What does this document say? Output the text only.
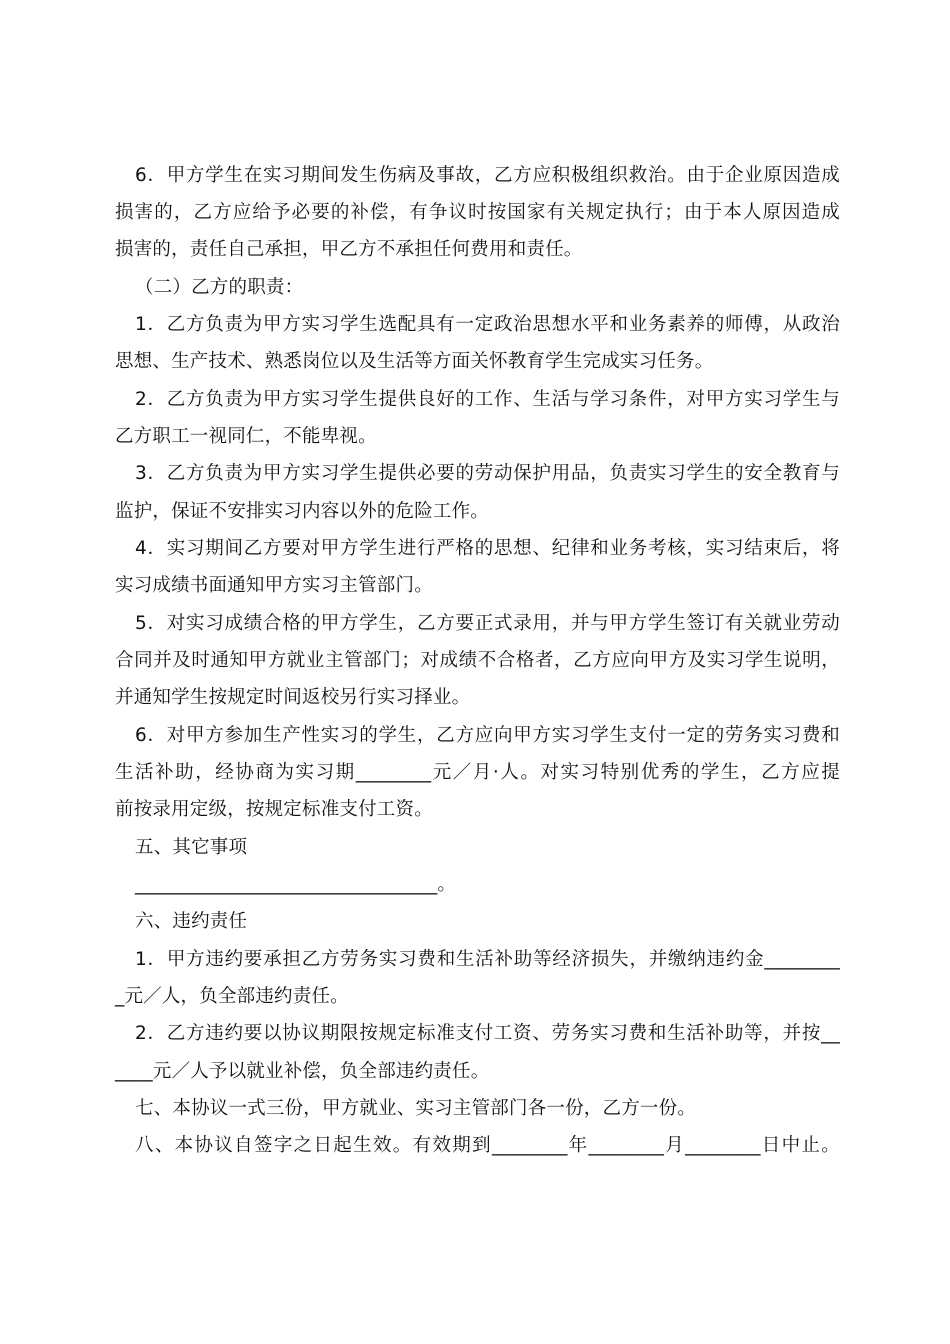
6．甲方学生在实习期间发生伤病及事故，乙方应积极组织救治。由于企业原因造成
损害的，乙方应给予必要的补偿，有争议时按国家有关规定执行；由于本人原因造成
损害的，责任自己承担，甲乙方不承担任何费用和责任。
（二）乙方的职责：
1．乙方负责为甲方实习学生选配具有一定政治思想水平和业务素养的师傅，从政治
思想、生产技术、熟悉岗位以及生活等方面关怀教育学生完成实习任务。
2．乙方负责为甲方实习学生提供良好的工作、生活与学习条件，对甲方实习学生与
乙方职工一视同仁，不能卑视。
3．乙方负责为甲方实习学生提供必要的劳动保护用品，负责实习学生的安全教育与
监护，保证不安排实习内容以外的危险工作。
4．实习期间乙方要对甲方学生进行严格的思想、纪律和业务考核，实习结束后，将
实习成绩书面通知甲方实习主管部门。
5．对实习成绩合格的甲方学生，乙方要正式录用，并与甲方学生签订有关就业劳动
合同并及时通知甲方就业主管部门；对成绩不合格者，乙方应向甲方及实习学生说明，
并通知学生按规定时间返校另行实习择业。
6．对甲方参加生产性实习的学生，乙方应向甲方实习学生支付一定的劳务实习费和
生活补助，经协商为实习期________元／月·人。对实习特别优秀的学生，乙方应提
前按录用定级，按规定标准支付工资。
五、其它事项
________________________________。
六、违约责任
1．甲方违约要承担乙方劳务实习费和生活补助等经济损失，并缴纳违约金________
_元／人，负全部违约责任。
2．乙方违约要以协议期限按规定标准支付工资、劳务实习费和生活补助等，并按__
____元／人予以就业补偿，负全部违约责任。
七、本协议一式三份，甲方就业、实习主管部门各一份，乙方一份。
八、本协议自签字之日起生效。有效期到________年________月________日中止。
